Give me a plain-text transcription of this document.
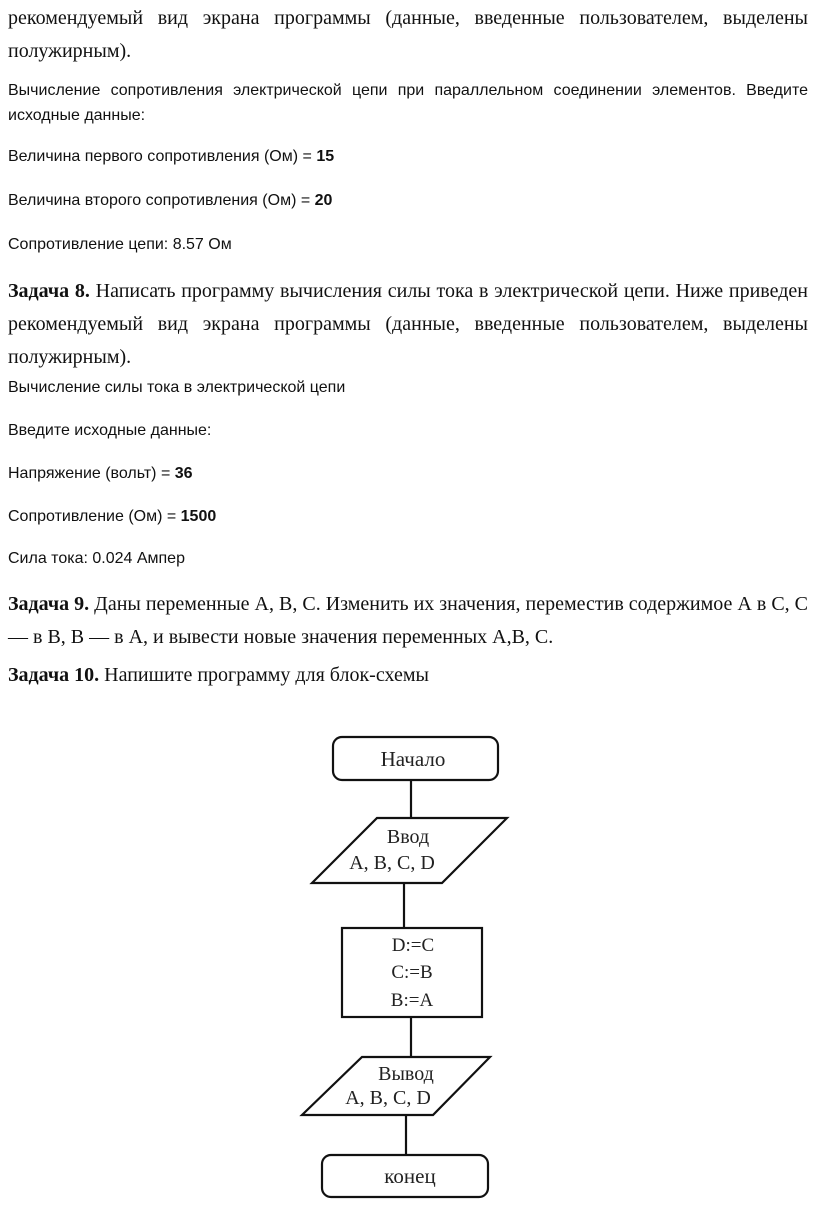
рекомендуемый вид экрана программы (данные, введенные пользователем, выделены полужирным).
Вычисление сопротивления электрической цепи при параллельном соединении элементов. Введите исходные данные:
Величина первого сопротивления (Ом) = 15
Величина второго сопротивления (Ом) = 20
Сопротивление цепи: 8.57 Ом
Задача 8. Написать программу вычисления силы тока в электрической цепи. Ниже приведен рекомендуемый вид экрана программы (данные, введенные пользователем, выделены полужирным).
Вычисление силы тока в электрической цепи
Введите исходные данные:
Напряжение (вольт) = 36
Сопротивление (Ом) = 1500
Сила тока: 0.024 Ампер
Задача 9. Даны переменные А, В, С. Изменить их значения, переместив содержимое А в С, С — в В, В — в А, и вывести новые значения переменных А,В, С.
Задача 10. Напишите программу для блок-схемы
Начало
Ввод
A, B, C, D
D:=C
C:=B
B:=A
Вывод
A, B, C, D
конец
